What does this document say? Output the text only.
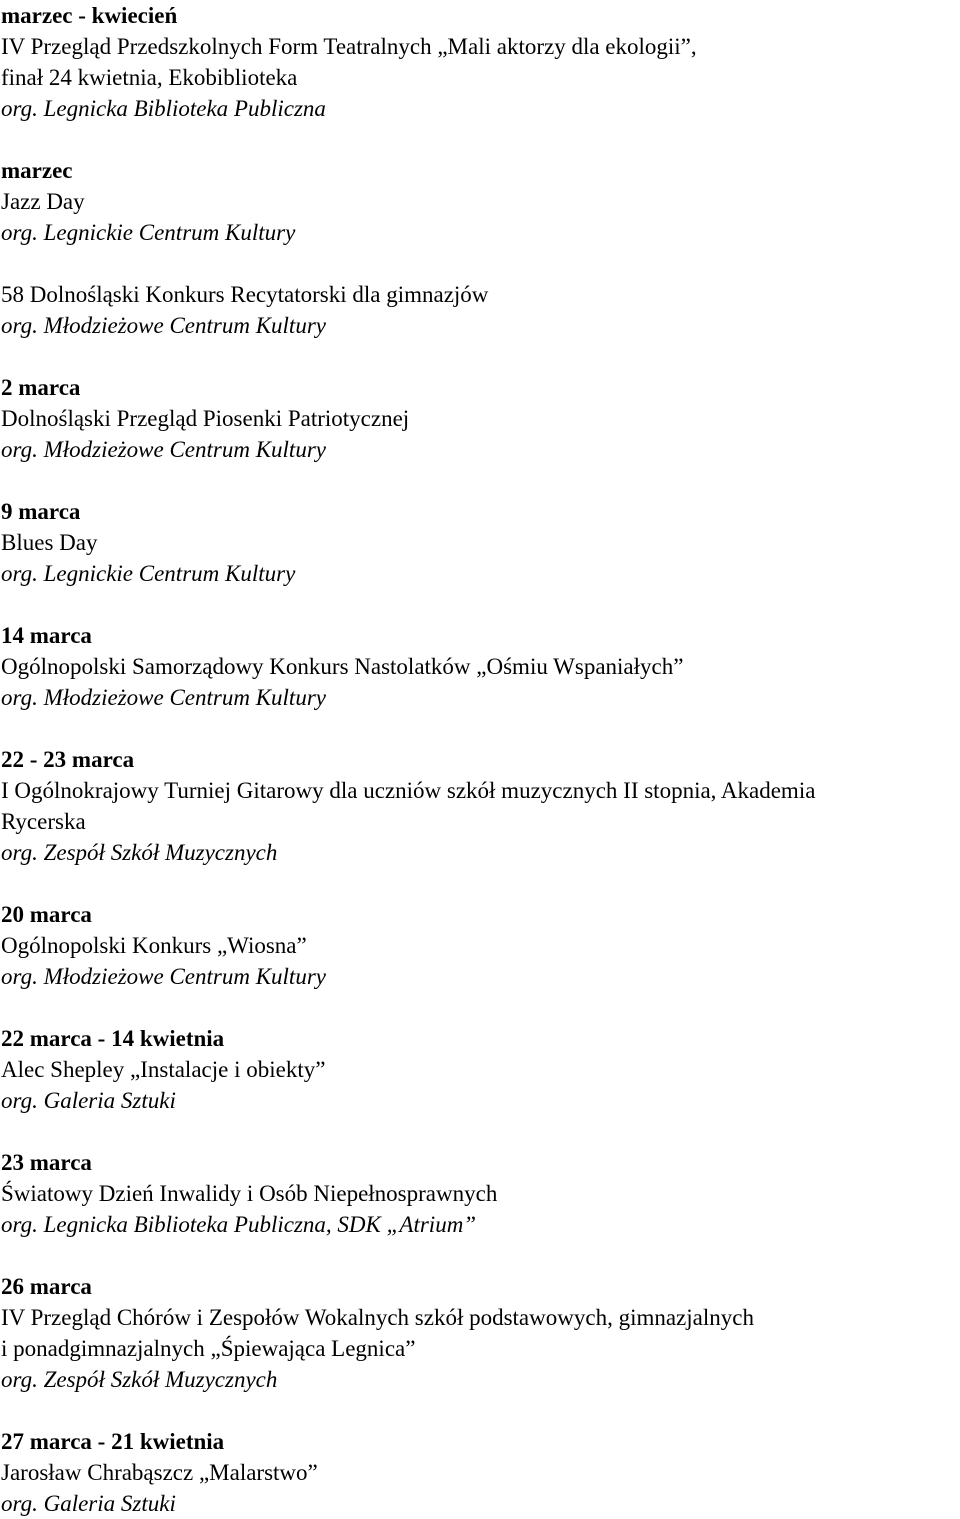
marzec - kwiecień
IV Przegląd Przedszkolnych Form Teatralnych „Mali aktorzy dla ekologii”,
finał 24 kwietnia, Ekobiblioteka
org. Legnicka Biblioteka Publiczna
marzec
Jazz Day
org. Legnickie Centrum Kultury
58 Dolnośląski Konkurs Recytatorski dla gimnazjów
org. Młodzieżowe Centrum Kultury
2 marca
Dolnośląski Przegląd Piosenki Patriotycznej
org. Młodzieżowe Centrum Kultury
9 marca
Blues Day
org. Legnickie Centrum Kultury
14 marca
Ogólnopolski Samorządowy Konkurs Nastolatków „Ośmiu Wspaniałych”
org. Młodzieżowe Centrum Kultury
22 - 23 marca
I Ogólnokrajowy Turniej Gitarowy dla uczniów szkół muzycznych II stopnia, Akademia
Rycerska
org. Zespół Szkół Muzycznych
20 marca
Ogólnopolski Konkurs „Wiosna”
org. Młodzieżowe Centrum Kultury
22 marca - 14 kwietnia
Alec Shepley „Instalacje i obiekty”
org. Galeria Sztuki
23 marca
Światowy Dzień Inwalidy i Osób Niepełnosprawnych
org. Legnicka Biblioteka Publiczna, SDK „Atrium”
26 marca
IV Przegląd Chórów i Zespołów Wokalnych szkół podstawowych, gimnazjalnych
i ponadgimnazjalnych „Śpiewająca Legnica”
org. Zespół Szkół Muzycznych
27 marca - 21 kwietnia
Jarosław Chrabąszcz „Malarstwo”
org. Galeria Sztuki
